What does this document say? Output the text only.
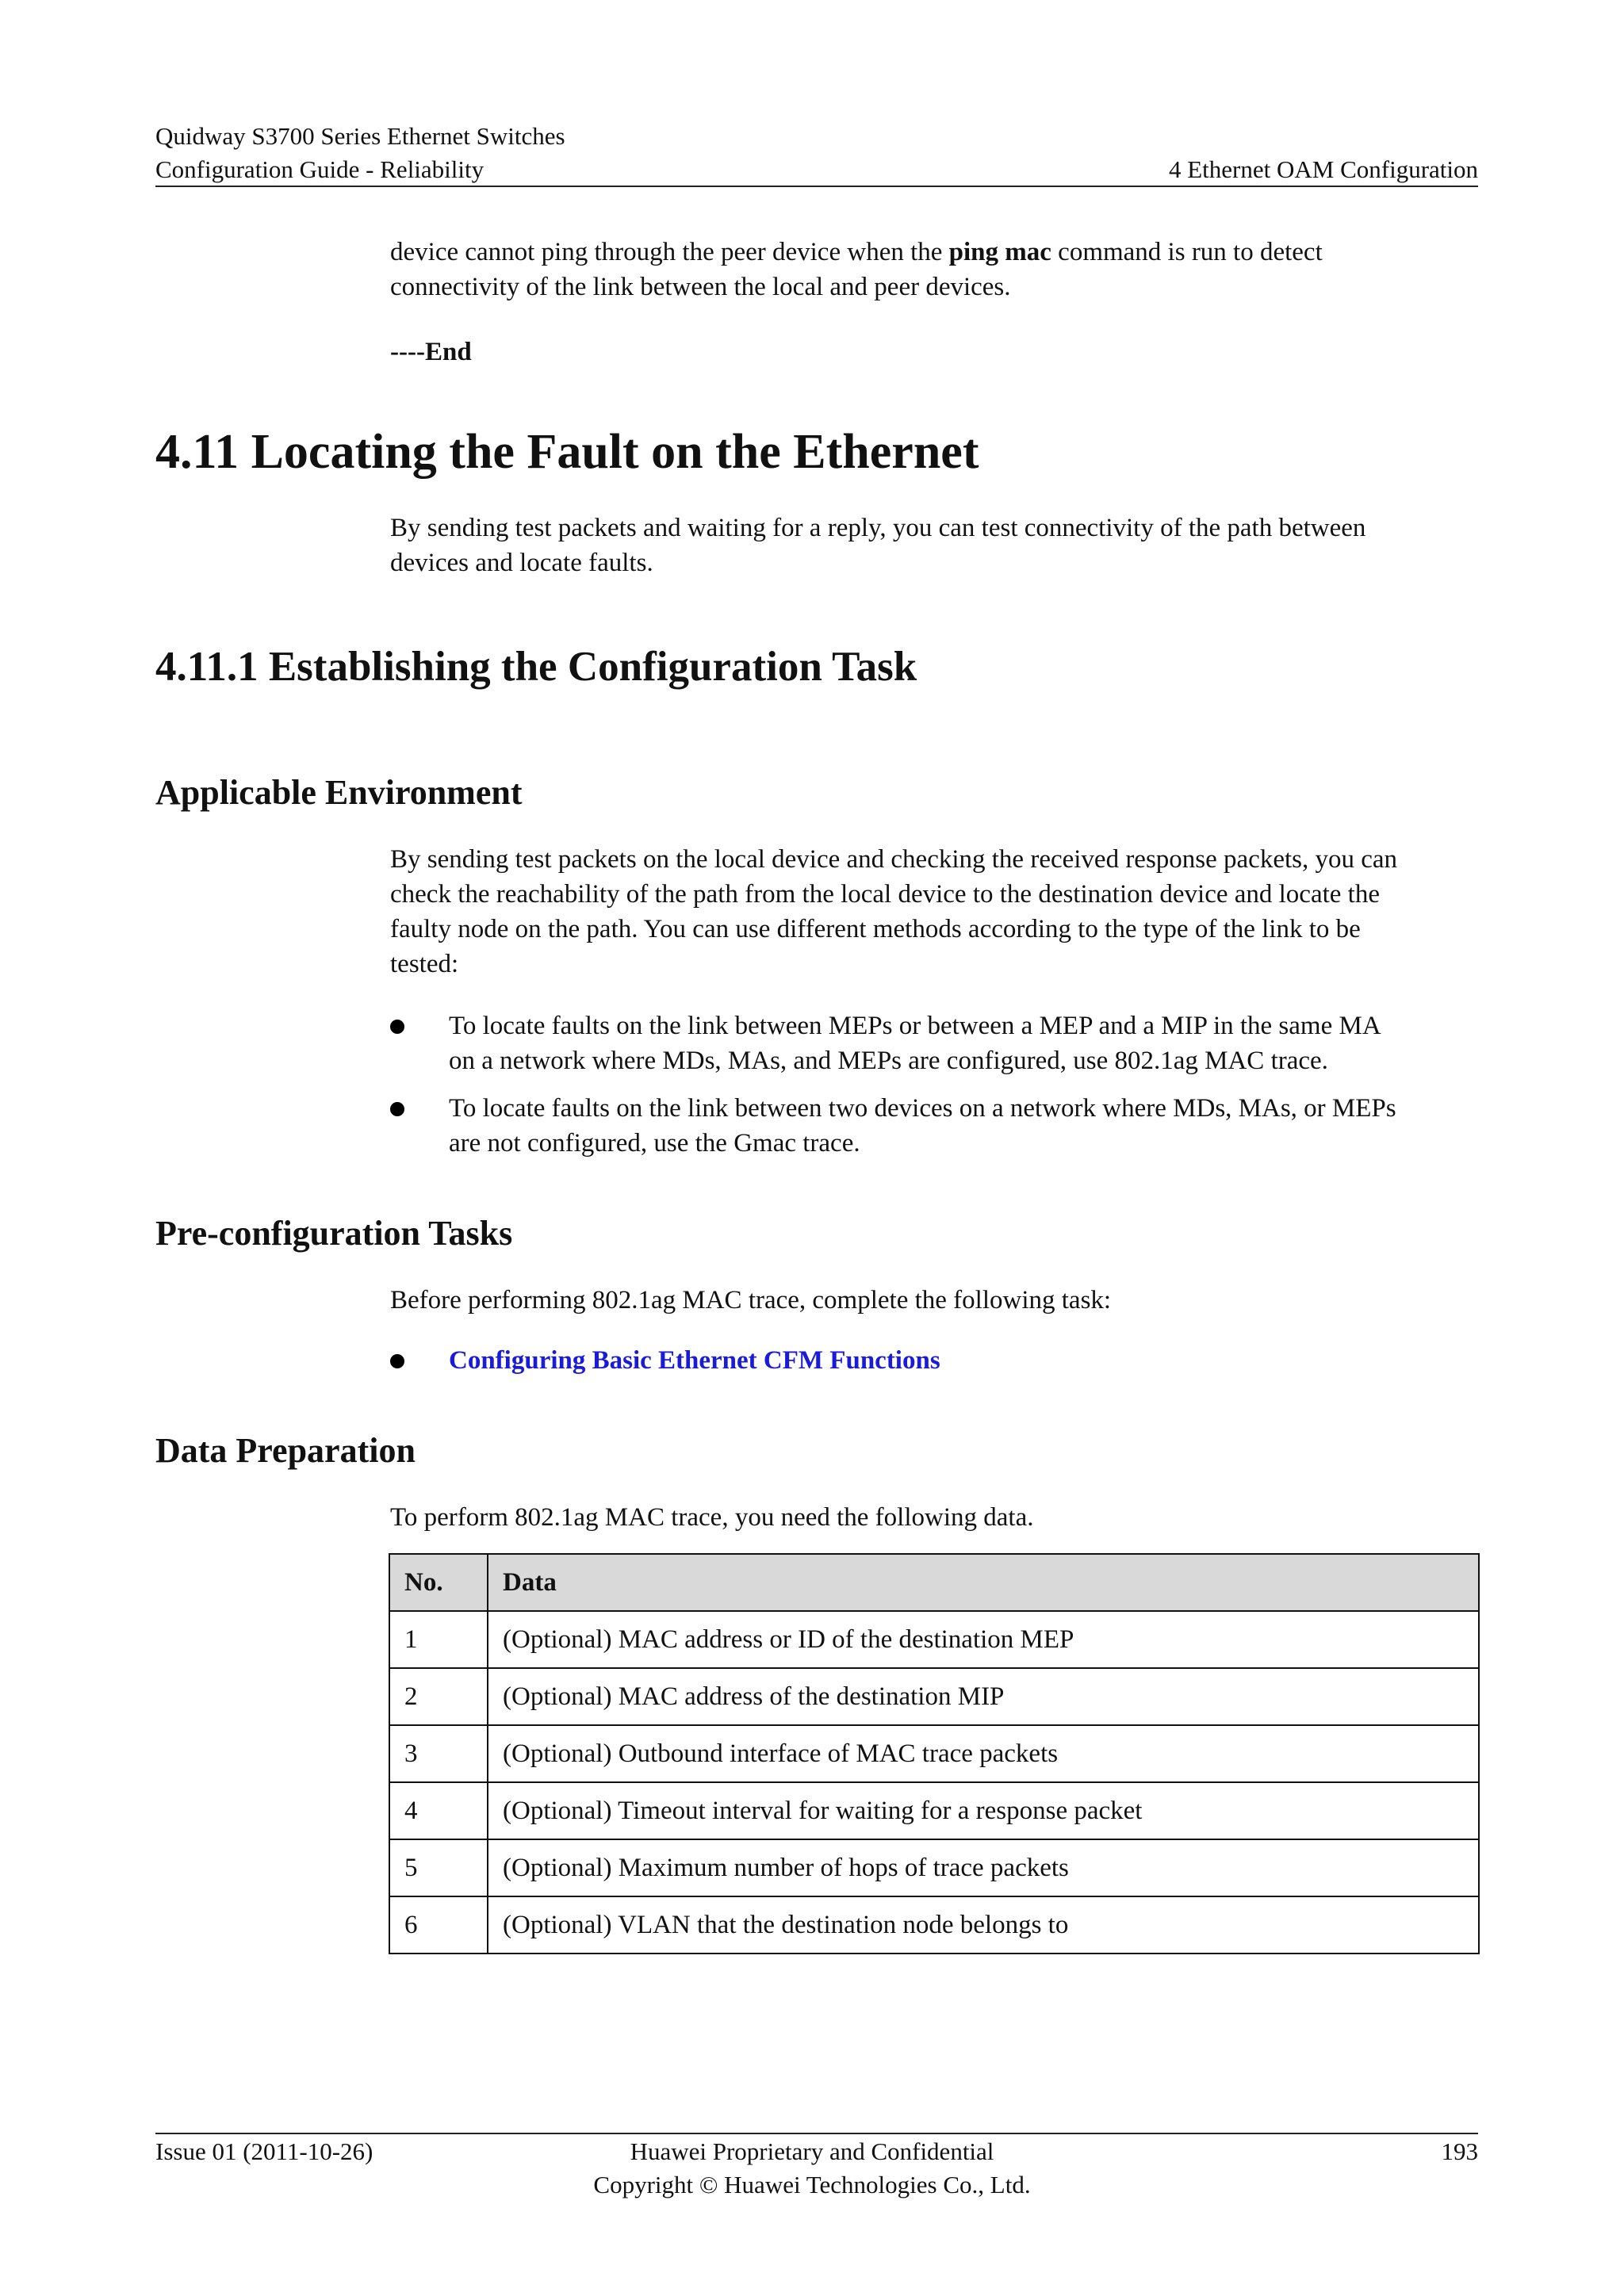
Quidway S3700 Series Ethernet Switches
Configuration Guide - Reliability	4 Ethernet OAM Configuration
device cannot ping through the peer device when the ping mac command is run to detect
connectivity of the link between the local and peer devices.
----End
4.11 Locating the Fault on the Ethernet
By sending test packets and waiting for a reply, you can test connectivity of the path between
devices and locate faults.
4.11.1 Establishing the Configuration Task
Applicable Environment
By sending test packets on the local device and checking the received response packets, you can
check the reachability of the path from the local device to the destination device and locate the
faulty node on the path. You can use different methods according to the type of the link to be
tested:
To locate faults on the link between MEPs or between a MEP and a MIP in the same MA
on a network where MDs, MAs, and MEPs are configured, use 802.1ag MAC trace.
To locate faults on the link between two devices on a network where MDs, MAs, or MEPs
are not configured, use the Gmac trace.
Pre-configuration Tasks
Before performing 802.1ag MAC trace, complete the following task:
Configuring Basic Ethernet CFM Functions
Data Preparation
To perform 802.1ag MAC trace, you need the following data.
No.	Data
1	(Optional) MAC address or ID of the destination MEP
2	(Optional) MAC address of the destination MIP
3	(Optional) Outbound interface of MAC trace packets
4	(Optional) Timeout interval for waiting for a response packet
5	(Optional) Maximum number of hops of trace packets
6	(Optional) VLAN that the destination node belongs to
Issue 01 (2011-10-26)	Huawei Proprietary and Confidential
Copyright © Huawei Technologies Co., Ltd.
193
